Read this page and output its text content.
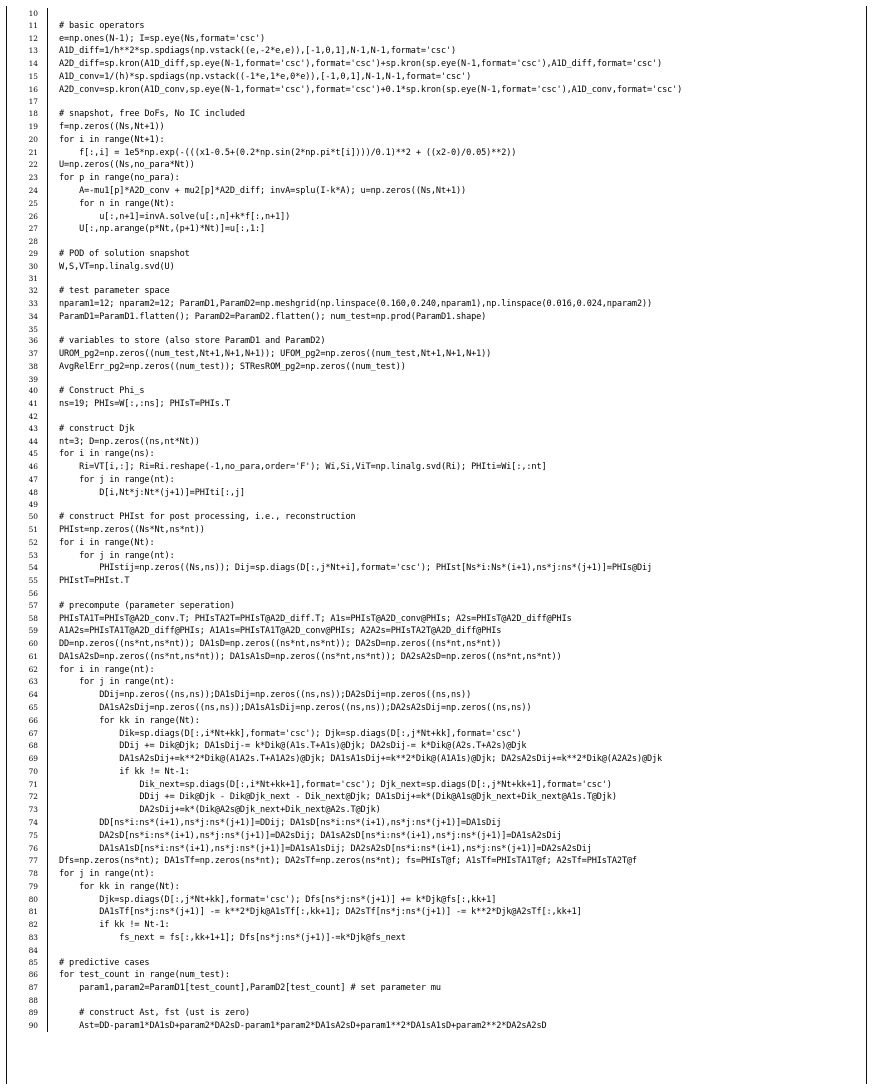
10		
11		# basic operators
12		e=np.ones(N-1); I=sp.eye(Ns,format='csc')
13		A1D_diff=1/h**2*sp.spdiags(np.vstack((e,-2*e,e)),[-1,0,1],N-1,N-1,format='csc')
14		A2D_diff=sp.kron(A1D_diff,sp.eye(N-1,format='csc'),format='csc')+sp.kron(sp.eye(N-1,format='csc'),A1D_diff,format='csc')
15		A1D_conv=1/(h)*sp.spdiags(np.vstack((-1*e,1*e,0*e)),[-1,0,1],N-1,N-1,format='csc')
16		A2D_conv=sp.kron(A1D_conv,sp.eye(N-1,format='csc'),format='csc')+0.1*sp.kron(sp.eye(N-1,format='csc'),A1D_conv,format='csc')
17		
18		# snapshot, free DoFs, No IC included
19		f=np.zeros((Ns,Nt+1))
20		for i in range(Nt+1):
21		f[:,i] = 1e5*np.exp(-(((x1-0.5+(0.2*np.sin(2*np.pi*t[i])))/0.1)**2 + ((x2-0)/0.05)**2))
22		U=np.zeros((Ns,no_para*Nt))
23		for p in range(no_para):
24		A=-mu1[p]*A2D_conv + mu2[p]*A2D_diff; invA=splu(I-k*A); u=np.zeros((Ns,Nt+1))
25		for n in range(Nt):
26		u[:,n+1]=invA.solve(u[:,n]+k*f[:,n+1])
27		U[:,np.arange(p*Nt,(p+1)*Nt)]=u[:,1:]
28		
29		# POD of solution snapshot
30		W,S,VT=np.linalg.svd(U)
31		
32		# test parameter space
33		nparam1=12; nparam2=12; ParamD1,ParamD2=np.meshgrid(np.linspace(0.160,0.240,nparam1),np.linspace(0.016,0.024,nparam2))
34		ParamD1=ParamD1.flatten(); ParamD2=ParamD2.flatten(); num_test=np.prod(ParamD1.shape)
35		
36		# variables to store (also store ParamD1 and ParamD2)
37		UROM_pg2=np.zeros((num_test,Nt+1,N+1,N+1)); UFOM_pg2=np.zeros((num_test,Nt+1,N+1,N+1))
38		AvgRelErr_pg2=np.zeros((num_test)); STResROM_pg2=np.zeros((num_test))
39		
40		# Construct Phi_s
41		ns=19; PHIs=W[:,:ns]; PHIsT=PHIs.T
42		
43		# construct Djk
44		nt=3; D=np.zeros((ns,nt*Nt))
45		for i in range(ns):
46		Ri=VT[i,:]; Ri=Ri.reshape(-1,no_para,order='F'); Wi,Si,ViT=np.linalg.svd(Ri); PHIti=Wi[:,:nt]
47		for j in range(nt):
48		D[i,Nt*j:Nt*(j+1)]=PHIti[:,j]
49		
50		# construct PHIst for post processing, i.e., reconstruction
51		PHIst=np.zeros((Ns*Nt,ns*nt))
52		for i in range(Nt):
53		for j in range(nt):
54		PHIstij=np.zeros((Ns,ns)); Dij=sp.diags(D[:,j*Nt+i],format='csc'); PHIst[Ns*i:Ns*(i+1),ns*j:ns*(j+1)]=PHIs@Dij
55		PHIstT=PHIst.T
56		
57		# precompute (parameter seperation)
58		PHIsTA1T=PHIsT@A2D_conv.T; PHIsTA2T=PHIsT@A2D_diff.T; A1s=PHIsT@A2D_conv@PHIs; A2s=PHIsT@A2D_diff@PHIs
59		A1A2s=PHIsTA1T@A2D_diff@PHIs; A1A1s=PHIsTA1T@A2D_conv@PHIs; A2A2s=PHIsTA2T@A2D_diff@PHIs
60		DD=np.zeros((ns*nt,ns*nt)); DA1sD=np.zeros((ns*nt,ns*nt)); DA2sD=np.zeros((ns*nt,ns*nt))
61		DA1sA2sD=np.zeros((ns*nt,ns*nt)); DA1sA1sD=np.zeros((ns*nt,ns*nt)); DA2sA2sD=np.zeros((ns*nt,ns*nt))
62		for i in range(nt):
63		for j in range(nt):
64		DDij=np.zeros((ns,ns));DA1sDij=np.zeros((ns,ns));DA2sDij=np.zeros((ns,ns))
65		DA1sA2sDij=np.zeros((ns,ns));DA1sA1sDij=np.zeros((ns,ns));DA2sA2sDij=np.zeros((ns,ns))
66		for kk in range(Nt):
67		Dik=sp.diags(D[:,i*Nt+kk],format='csc'); Djk=sp.diags(D[:,j*Nt+kk],format='csc')
68		DDij += Dik@Djk; DA1sDij-= k*Dik@(A1s.T+A1s)@Djk; DA2sDij-= k*Dik@(A2s.T+A2s)@Djk
69		DA1sA2sDij+=k**2*Dik@(A1A2s.T+A1A2s)@Djk; DA1sA1sDij+=k**2*Dik@(A1A1s)@Djk; DA2sA2sDij+=k**2*Dik@(A2A2s)@Djk
70		if kk != Nt-1:
71		Dik_next=sp.diags(D[:,i*Nt+kk+1],format='csc'); Djk_next=sp.diags(D[:,j*Nt+kk+1],format='csc')
72		DDij += Dik@Djk - Dik@Djk_next - Dik_next@Djk; DA1sDij+=k*(Dik@A1s@Djk_next+Dik_next@A1s.T@Djk)
73		DA2sDij+=k*(Dik@A2s@Djk_next+Dik_next@A2s.T@Djk)
74		DD[ns*i:ns*(i+1),ns*j:ns*(j+1)]=DDij; DA1sD[ns*i:ns*(i+1),ns*j:ns*(j+1)]=DA1sDij
75		DA2sD[ns*i:ns*(i+1),ns*j:ns*(j+1)]=DA2sDij; DA1sA2sD[ns*i:ns*(i+1),ns*j:ns*(j+1)]=DA1sA2sDij
76		DA1sA1sD[ns*i:ns*(i+1),ns*j:ns*(j+1)]=DA1sA1sDij; DA2sA2sD[ns*i:ns*(i+1),ns*j:ns*(j+1)]=DA2sA2sDij
77		Dfs=np.zeros(ns*nt); DA1sTf=np.zeros(ns*nt); DA2sTf=np.zeros(ns*nt); fs=PHIsT@f; A1sTf=PHIsTA1T@f; A2sTf=PHIsTA2T@f
78		for j in range(nt):
79		for kk in range(Nt):
80		Djk=sp.diags(D[:,j*Nt+kk],format='csc'); Dfs[ns*j:ns*(j+1)] += k*Djk@fs[:,kk+1]
81		DA1sTf[ns*j:ns*(j+1)] -= k**2*Djk@A1sTf[:,kk+1]; DA2sTf[ns*j:ns*(j+1)] -= k**2*Djk@A2sTf[:,kk+1]
82		if kk != Nt-1:
83		fs_next = fs[:,kk+1+1]; Dfs[ns*j:ns*(j+1)]-=k*Djk@fs_next
84		
85		# predictive cases
86		for test_count in range(num_test):
87		param1,param2=ParamD1[test_count],ParamD2[test_count] # set parameter mu
88		
89		# construct Ast, fst (ust is zero)
90		Ast=DD-param1*DA1sD+param2*DA2sD-param1*param2*DA1sA2sD+param1**2*DA1sA1sD+param2**2*DA2sA2sD
